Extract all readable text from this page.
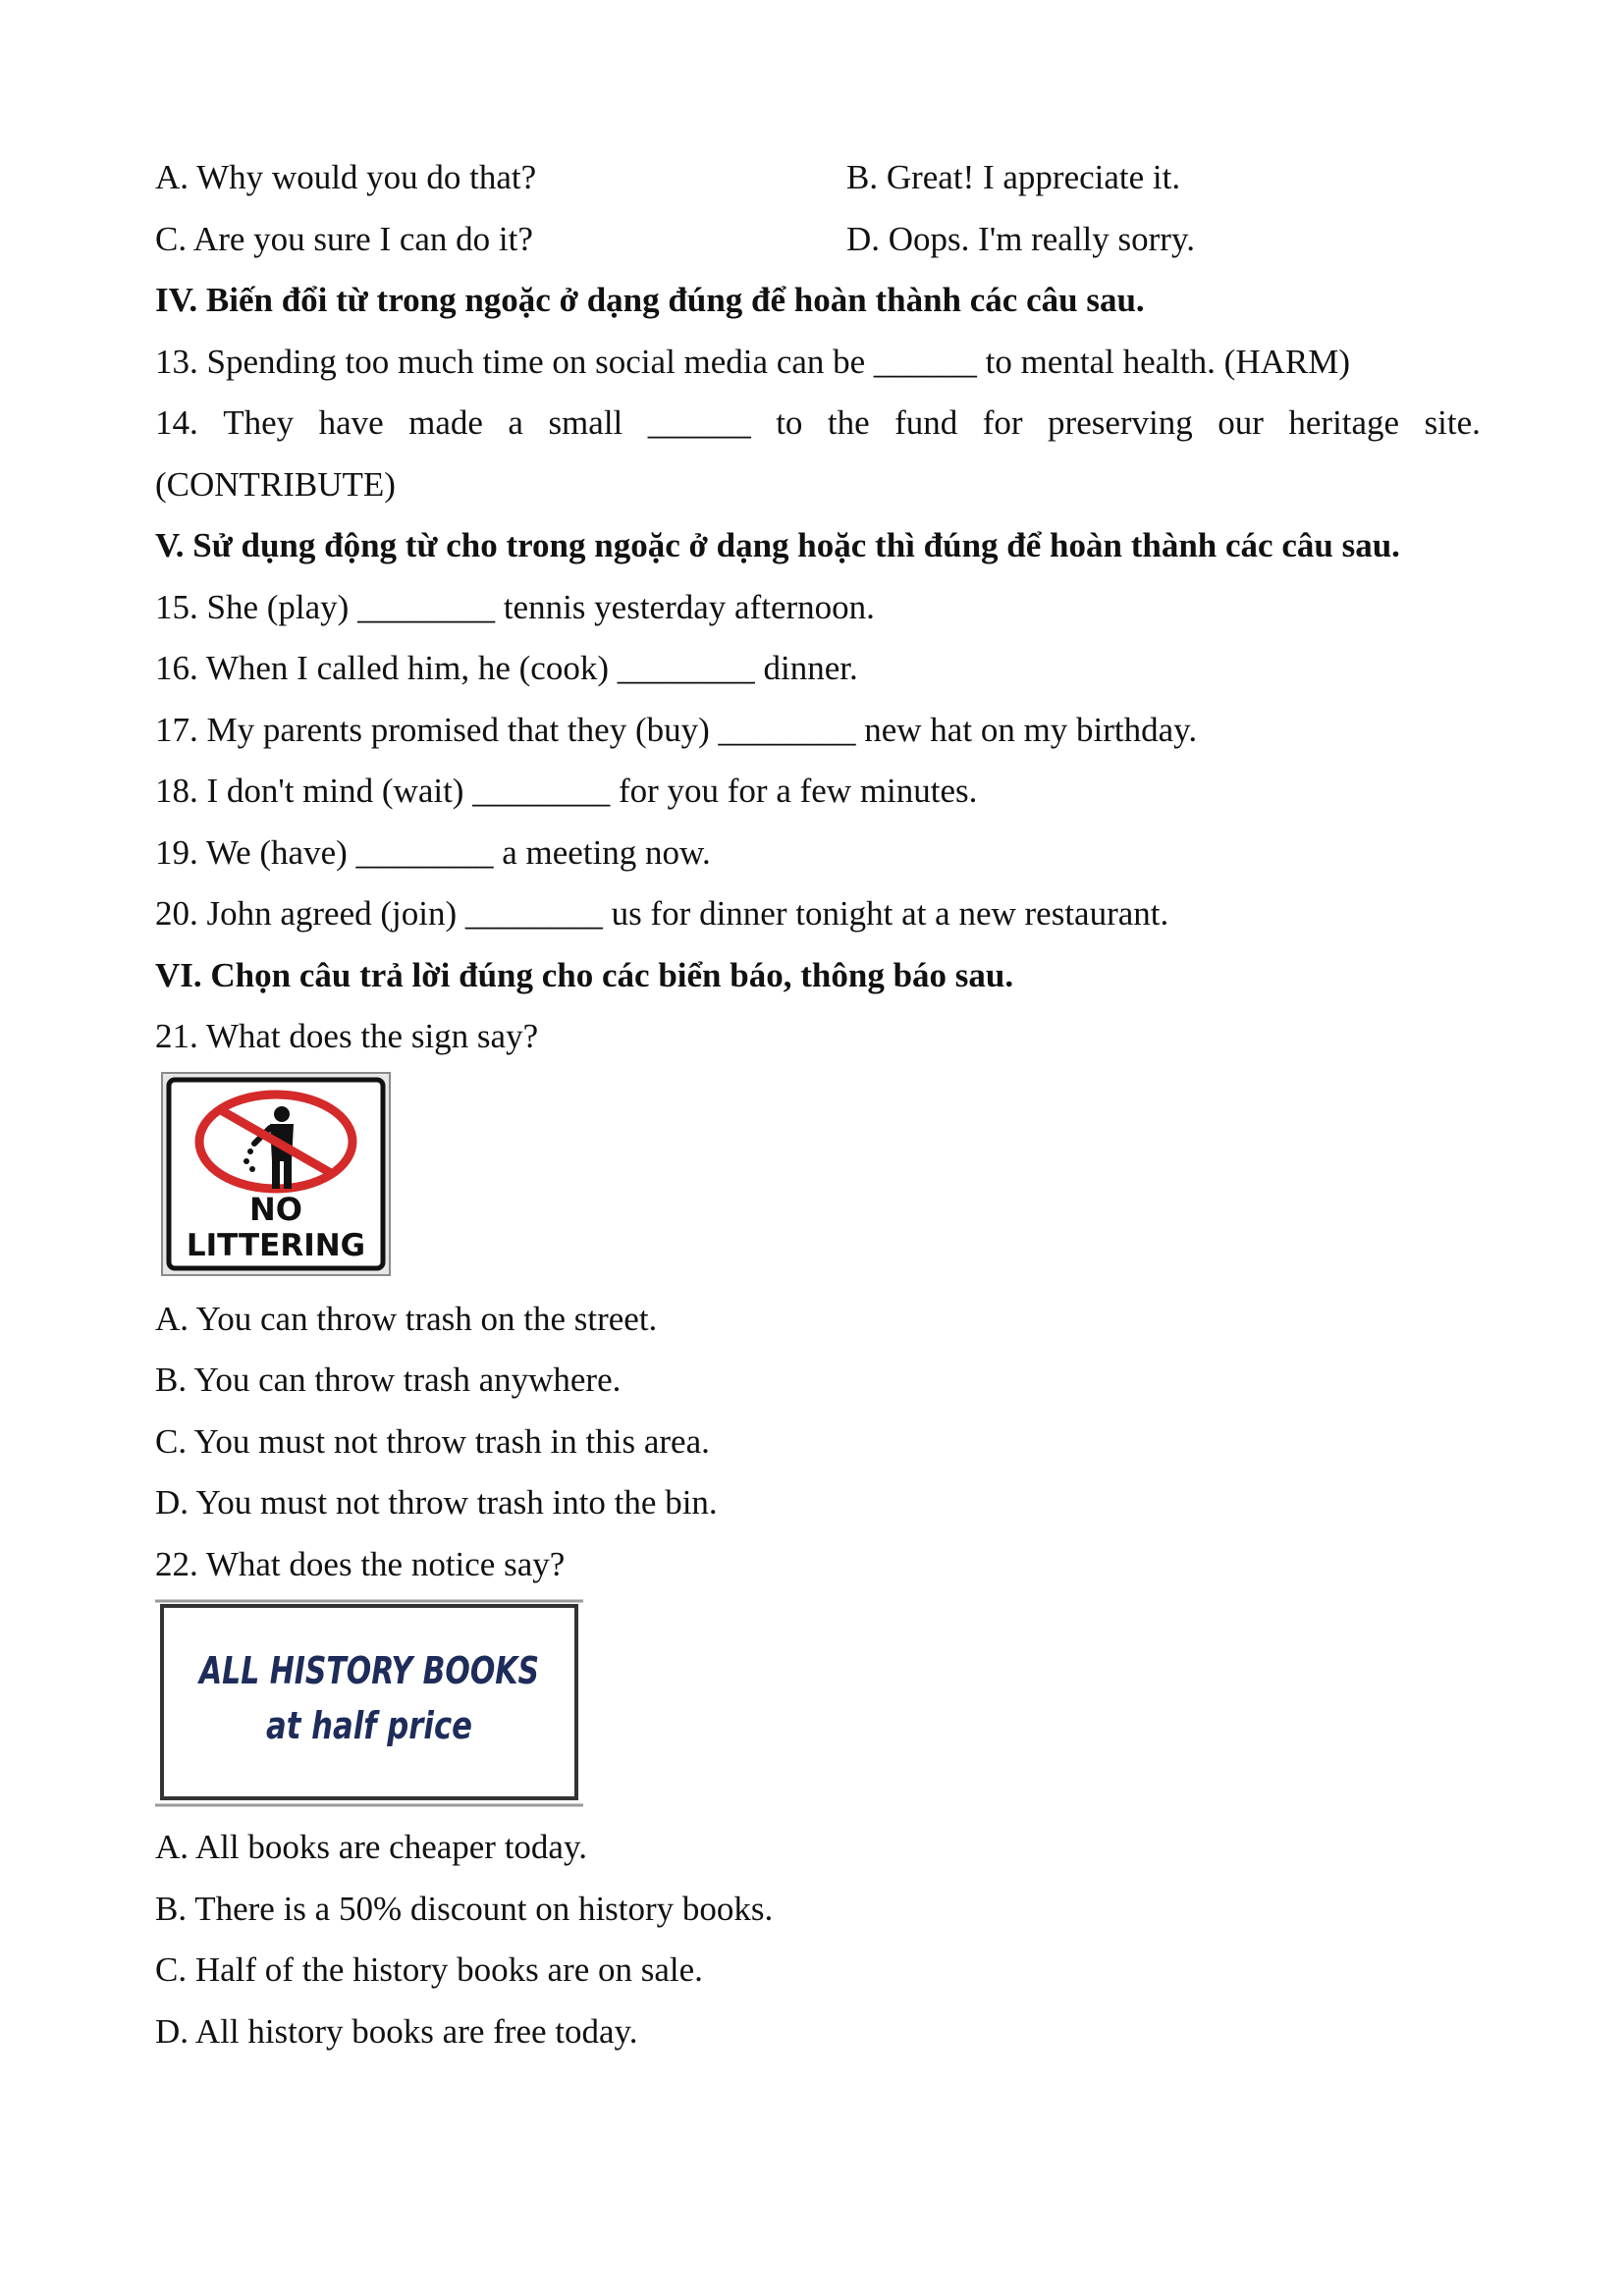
A. Why would you do that?	B. Great! I appreciate it.
C. Are you sure I can do it?	D. Oops. I'm really sorry.
IV. Biến đổi từ trong ngoặc ở dạng đúng để hoàn thành các câu sau.
13. Spending too much time on social media can be ______ to mental health. (HARM)
14. They have made a small ______ to the fund for preserving our heritage site.
(CONTRIBUTE)
V. Sử dụng động từ cho trong ngoặc ở dạng hoặc thì đúng để hoàn thành các câu sau.
15. She (play) ________ tennis yesterday afternoon.
16. When I called him, he (cook) ________ dinner.
17. My parents promised that they (buy) ________ new hat on my birthday.
18. I don't mind (wait) ________ for you for a few minutes.
19. We (have) ________ a meeting now.
20. John agreed (join) ________ us for dinner tonight at a new restaurant.
VI. Chọn câu trả lời đúng cho các biển báo, thông báo sau.
21. What does the sign say?
NO
LITTERING
A. You can throw trash on the street.
B. You can throw trash anywhere.
C. You must not throw trash in this area.
D. You must not throw trash into the bin.
22. What does the notice say?
ALL HISTORY BOOKS
at half price
A. All books are cheaper today.
B. There is a 50% discount on history books.
C. Half of the history books are on sale.
D. All history books are free today.
